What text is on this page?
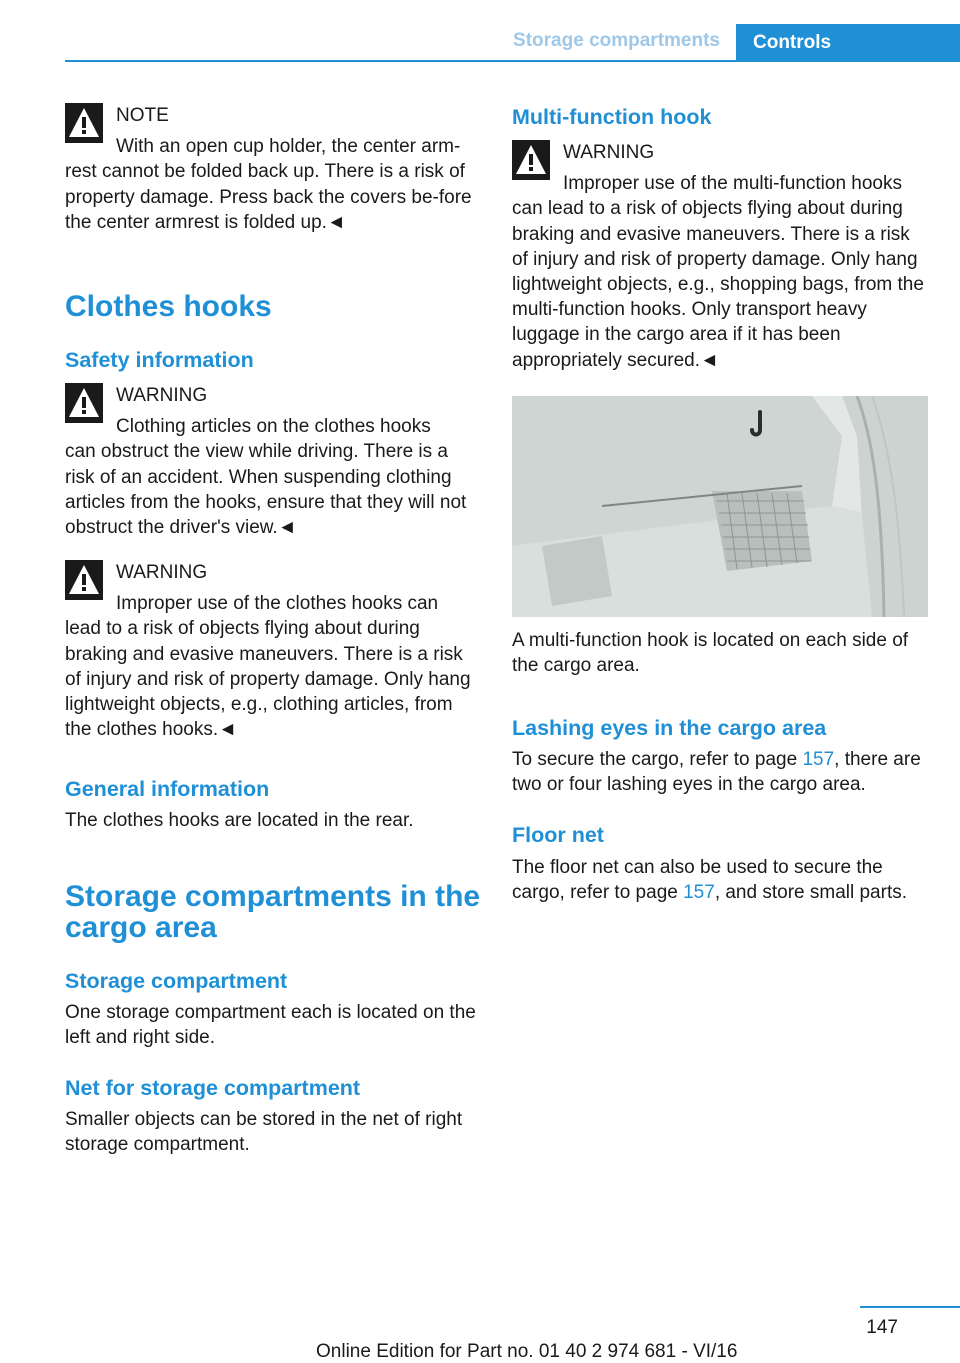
Storage compartments	Controls
NOTE
With an open cup holder, the center arm-
rest cannot be folded back up. There is a risk of property damage. Press back the covers be-fore the center armrest is folded up.◄
Clothes hooks
Safety information
WARNING
Clothing articles on the clothes hooks
can obstruct the view while driving. There is a risk of an accident. When suspending clothing articles from the hooks, ensure that they will not obstruct the driver's view.◄
WARNING
Improper use of the clothes hooks can
lead to a risk of objects flying about during braking and evasive maneuvers. There is a risk of injury and risk of property damage. Only hang lightweight objects, e.g., clothing articles, from the clothes hooks.◄
General information
The clothes hooks are located in the rear.
Storage compartments in the cargo area
Storage compartment
One storage compartment each is located on the left and right side.
Net for storage compartment
Smaller objects can be stored in the net of right storage compartment.
Multi-function hook
WARNING
Improper use of the multi-function hooks
can lead to a risk of objects flying about during braking and evasive maneuvers. There is a risk of injury and risk of property damage. Only hang lightweight objects, e.g., shopping bags, from the multi-function hooks. Only transport heavy luggage in the cargo area if it has been appropriately secured.◄
A multi-function hook is located on each side of the cargo area.
Lashing eyes in the cargo area
To secure the cargo, refer to page 157, there are two or four lashing eyes in the cargo area.
Floor net
The floor net can also be used to secure the cargo, refer to page 157, and store small parts.
147
Online Edition for Part no. 01 40 2 974 681 - VI/16
